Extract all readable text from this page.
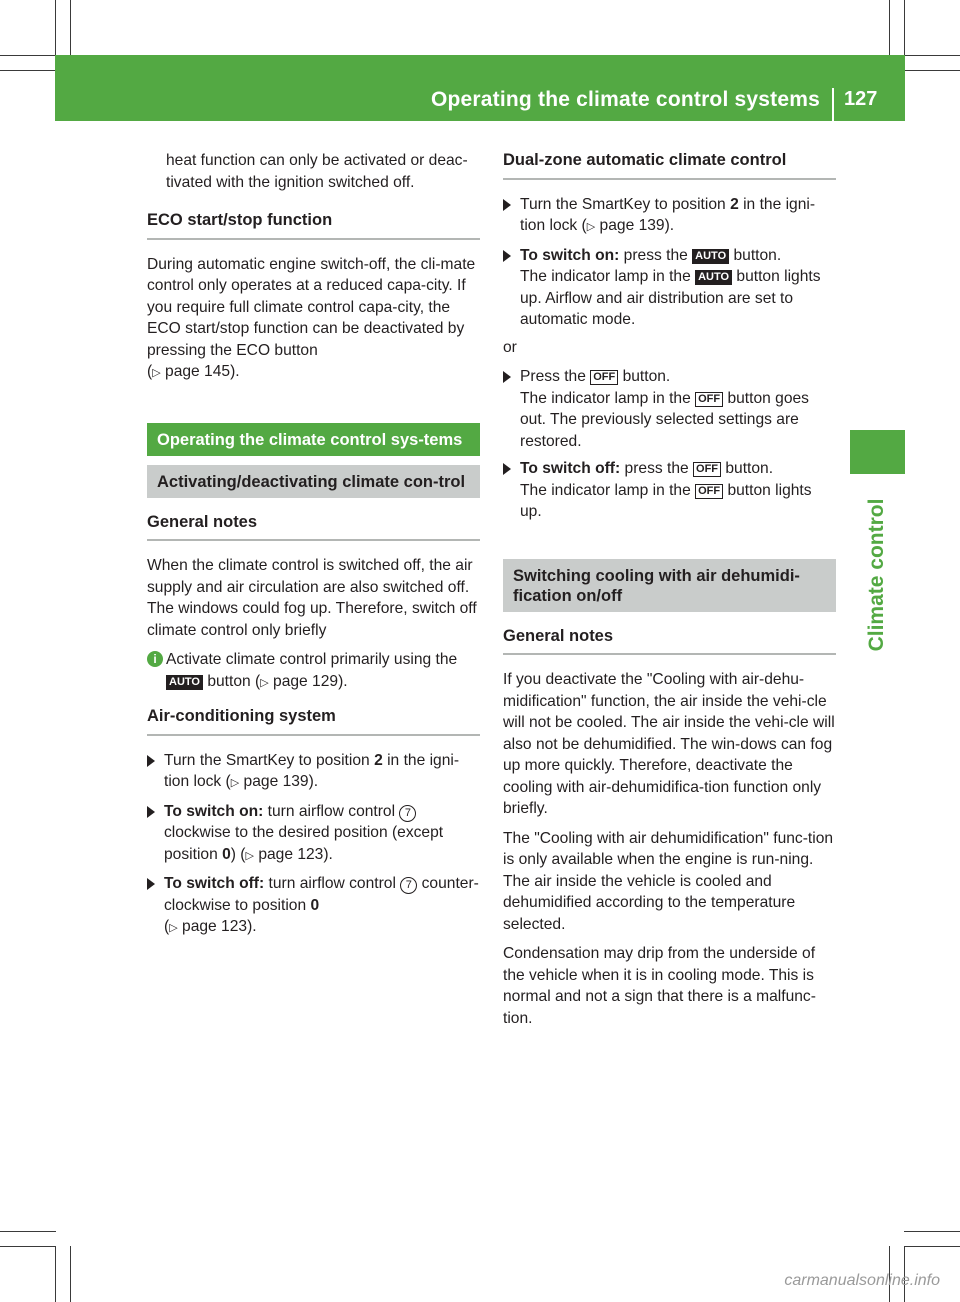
Operating the climate control systems 127
Climate control

heat function can only be activated or deac-
tivated with the ignition switched off.

ECO start/stop function

During automatic engine switch-off, the cli-mate control only operates at a reduced capa-city. If you require full climate control capa-city, the ECO start/stop function can be deactivated by pressing the ECO button
(▷ page 145).

Operating the climate control sys-tems
Activating/deactivating climate con-trol
General notes

When the climate control is switched off, the air supply and air circulation are also switched off. The windows could fog up. Therefore, switch off climate control only briefly

i Activate climate control primarily using the AUTO button (▷ page 129).
Air-conditioning system
Turn the SmartKey to position 2 in the igni-tion lock (▷ page 139).
To switch on: turn airflow control 7 clockwise to the desired position (except position 0) (▷ page 123).
To switch off: turn airflow control 7 counter-clockwise to position 0
(▷ page 123).
Dual-zone automatic climate control
Turn the SmartKey to position 2 in the igni-tion lock (▷ page 139).
To switch on: press the AUTO button.
The indicator lamp in the AUTO button lights up. Airflow and air distribution are set to automatic mode.

or

Press the OFF button.
The indicator lamp in the OFF button goes out. The previously selected settings are restored.
To switch off: press the OFF button.
The indicator lamp in the OFF button lights up.
Switching cooling with air dehumidi-fication on/off
General notes

If you deactivate the "Cooling with air-dehu-midification" function, the air inside the vehi-cle will not be cooled. The air inside the vehi-cle will also not be dehumidified. The win-dows can fog up more quickly. Therefore, deactivate the cooling with air-dehumidifica-tion function only briefly.

The "Cooling with air dehumidification" func-tion is only available when the engine is run-ning. The air inside the vehicle is cooled and dehumidified according to the temperature selected.

Condensation may drip from the underside of the vehicle when it is in cooling mode. This is normal and not a sign that there is a malfunc-tion.

carmanualsonline.info
